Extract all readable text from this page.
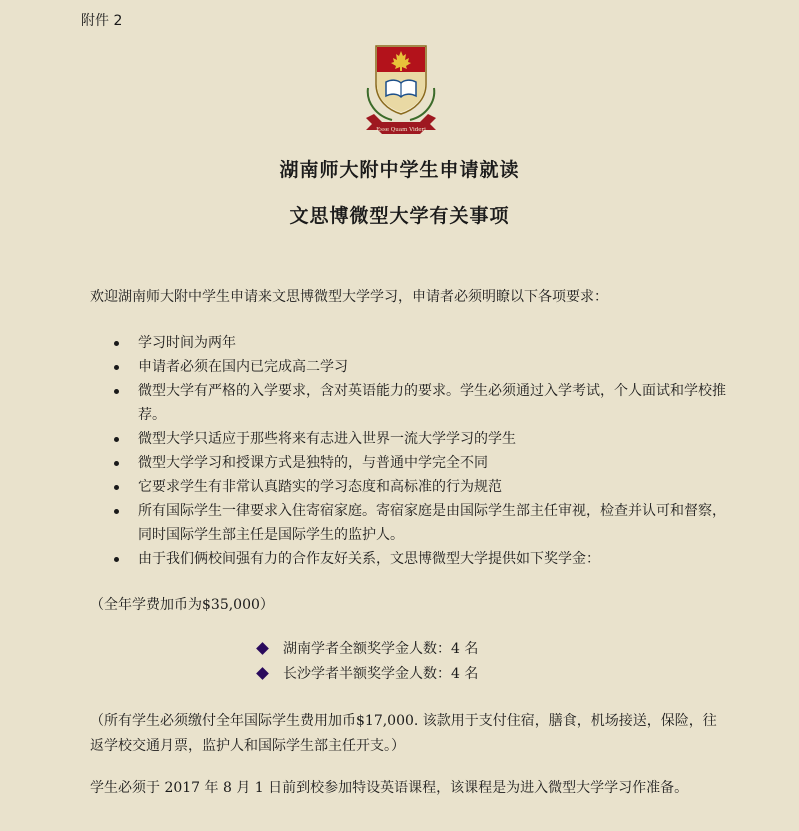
附件 2
Esse Quam Videri
湖南师大附中学生申请就读
文思博微型大学有关事项
欢迎湖南师大附中学生申请来文思博微型大学学习，申请者必须明瞭以下各项要求：
学习时间为两年
申请者必须在国内已完成高二学习
微型大学有严格的入学要求，含对英语能力的要求。学生必须通过入学考试，个人面试和学校推荐。
微型大学只适应于那些将来有志进入世界一流大学学习的学生
微型大学学习和授课方式是独特的，与普通中学完全不同
它要求学生有非常认真踏实的学习态度和高标准的行为规范
所有国际学生一律要求入住寄宿家庭。寄宿家庭是由国际学生部主任审视，检查并认可和督察，同时国际学生部主任是国际学生的监护人。
由于我们俩校间强有力的合作友好关系，文思博微型大学提供如下奖学金：
（全年学费加币为$35,000）
湖南学者全额奖学金人数：4 名
长沙学者半额奖学金人数：4 名
（所有学生必须缴付全年国际学生费用加币$17,000. 该款用于支付住宿，膳食，机场接送，保险，往返学校交通月票，监护人和国际学生部主任开支。）
学生必须于 2017 年 8 月 1 日前到校参加特设英语课程，该课程是为进入微型大学学习作准备。
